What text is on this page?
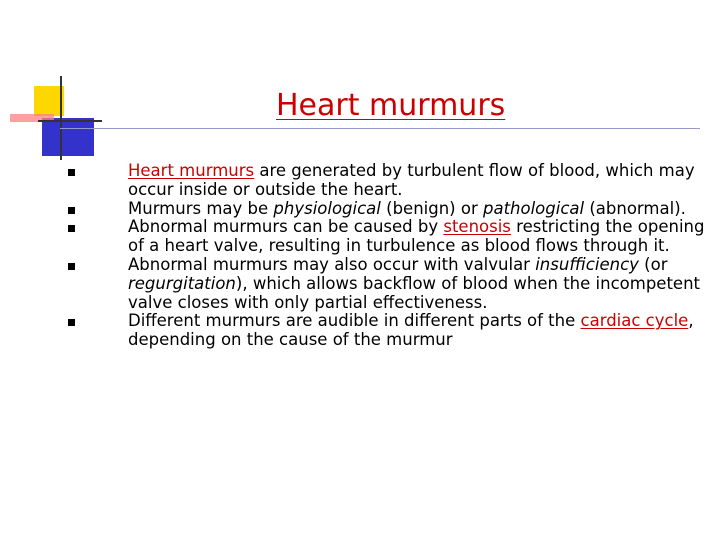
Heart murmurs
Heart murmurs are generated by turbulent flow of blood, which may occur inside or outside the heart.
Murmurs may be physiological (benign) or pathological (abnormal).
Abnormal murmurs can be caused by stenosis restricting the opening of a heart valve, resulting in turbulence as blood flows through it.
Abnormal murmurs may also occur with valvular insufficiency (or regurgitation), which allows backflow of blood when the incompetent valve closes with only partial effectiveness.
Different murmurs are audible in different parts of the cardiac cycle, depending on the cause of the murmur
